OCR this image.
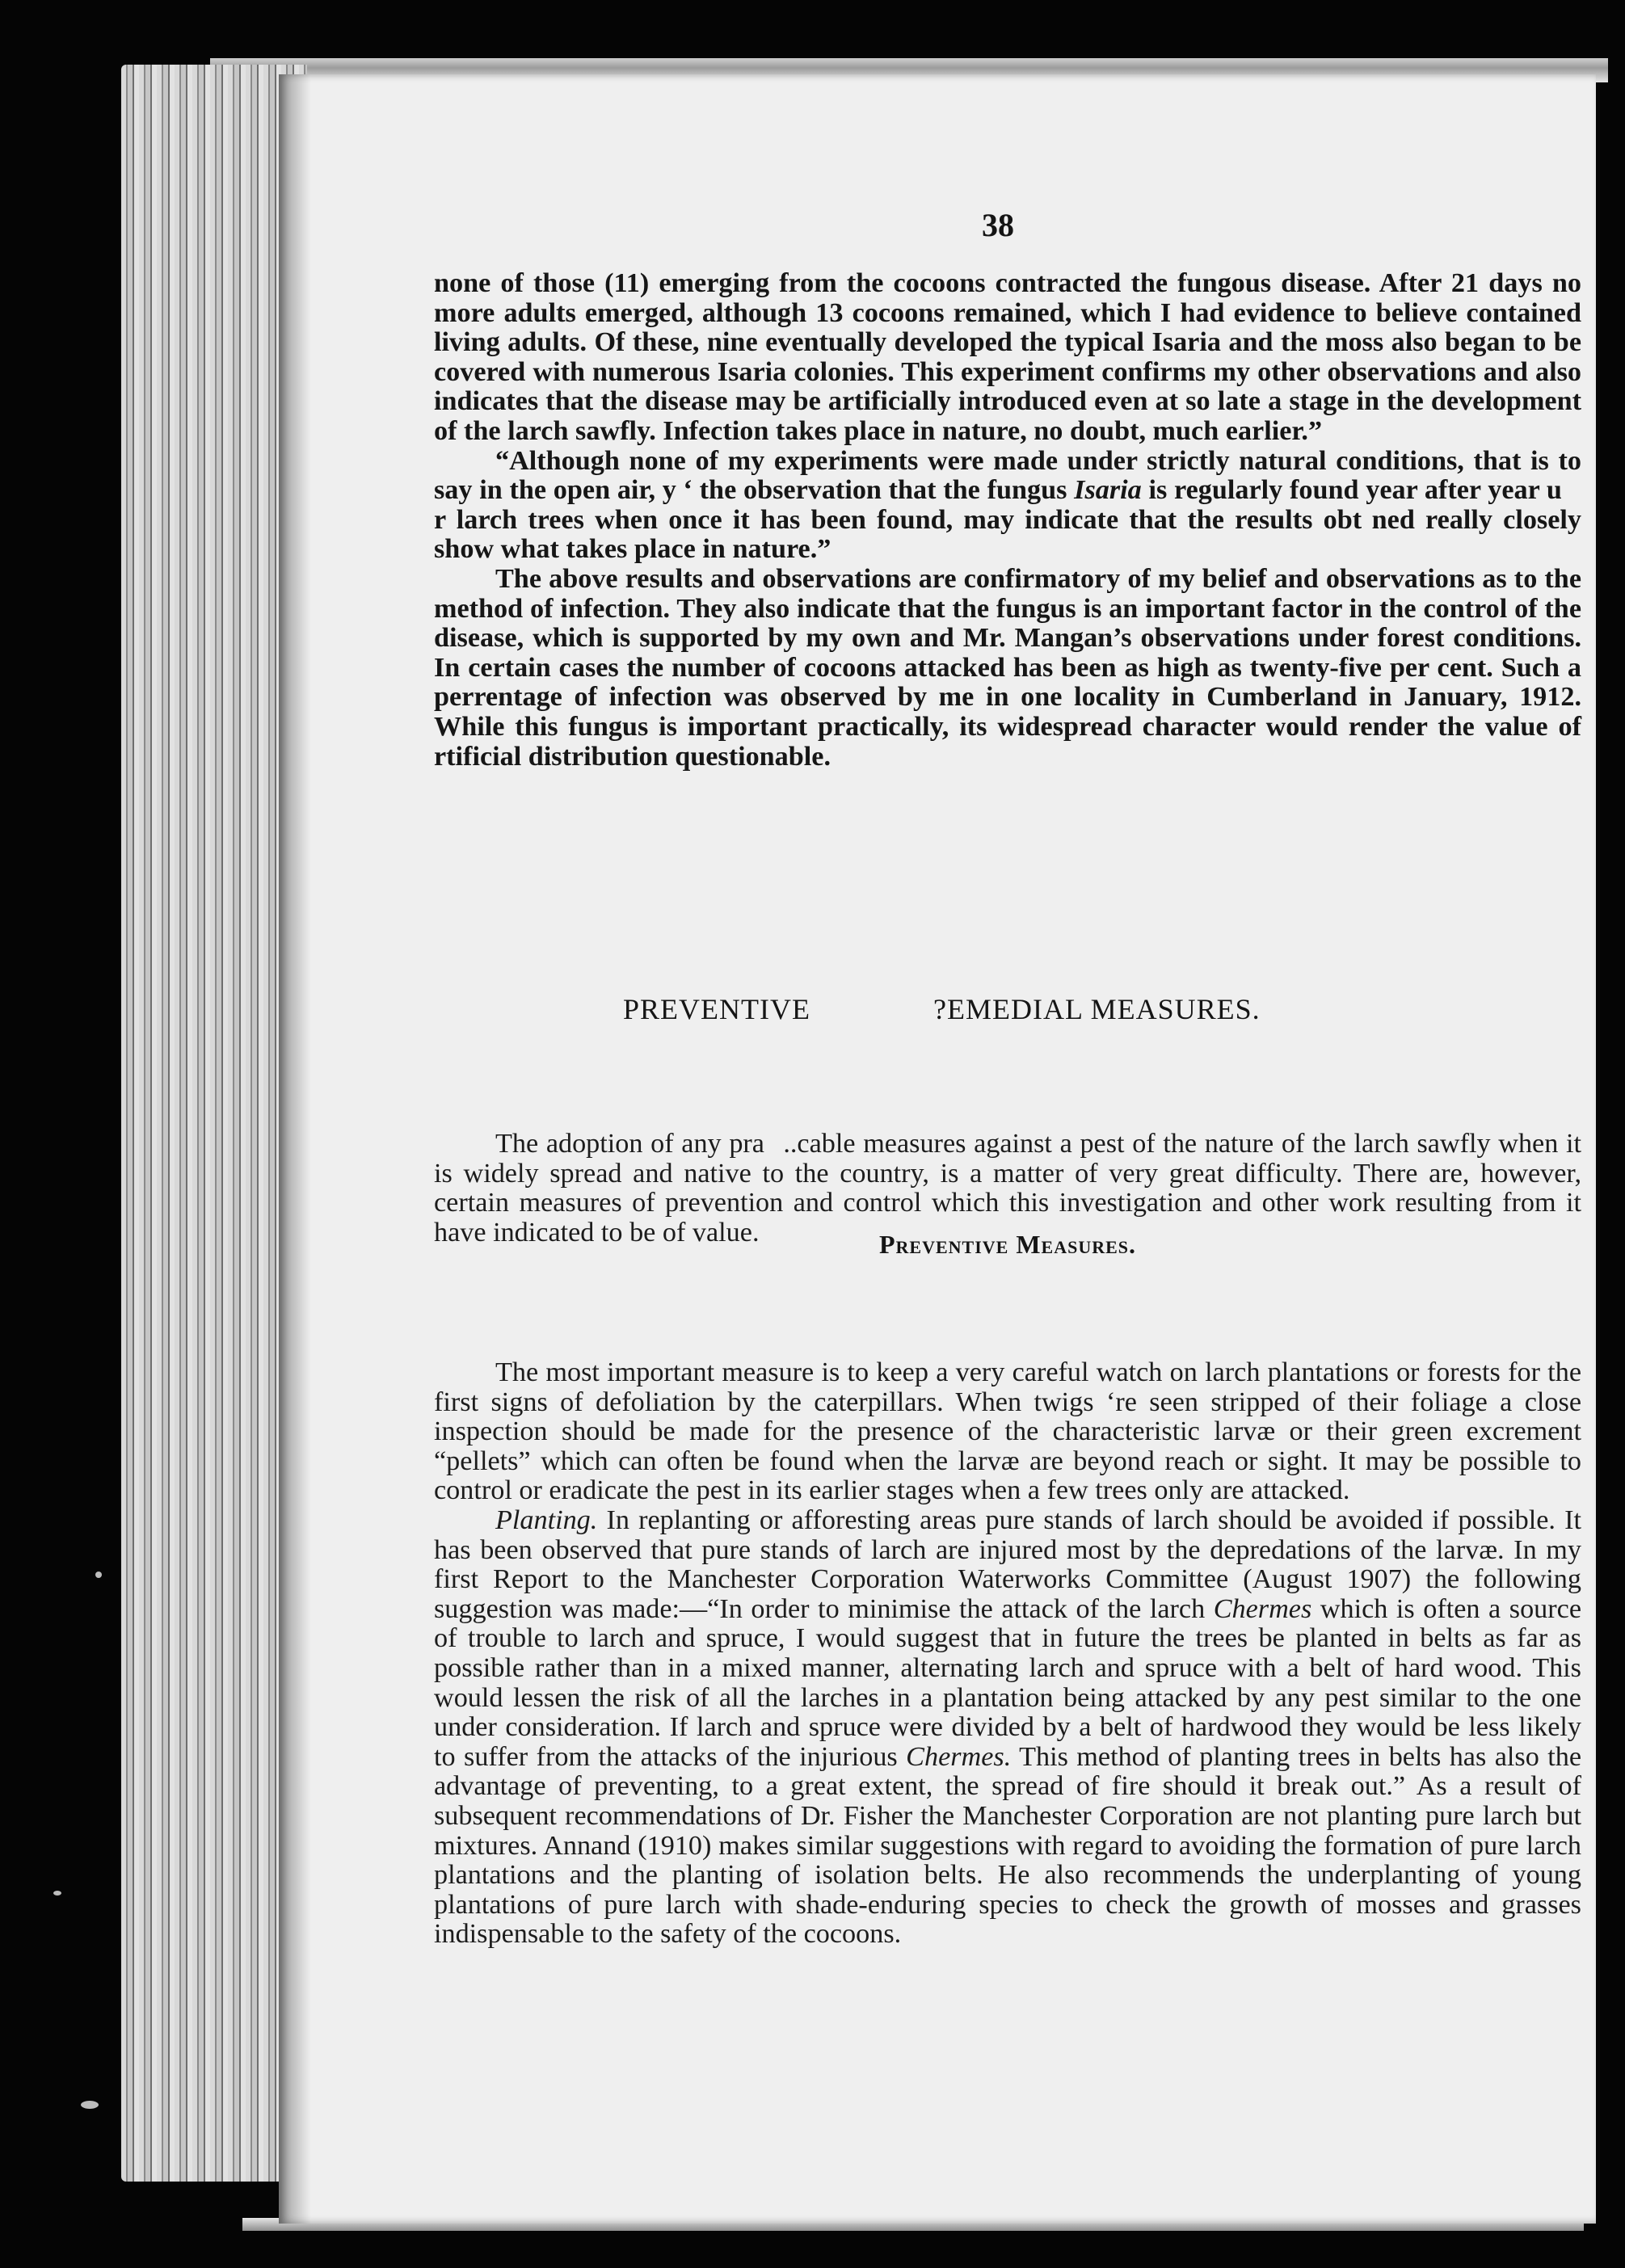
38

none of those (11) emerging from the cocoons contracted the fungous disease. After 21 days no more adults emerged, although 13 cocoons remained, which I had evidence to believe contained living adults. Of these, nine eventually developed the typical Isaria and the moss also began to be covered with numerous Isaria colonies. This experiment confirms my other observations and also indicates that the disease may be artificially introduced even at so late a stage in the development of the larch sawfly. Infection takes place in nature, no doubt, much earlier.”

“Although none of my experiments were made under strictly natural conditions, that is to say in the open air, y ‘ the observation that the fungus Isaria is regularly found year after year u   r larch trees when once it has been found, may indicate that the results obt  ned really closely show what takes place in nature.”

The above results and observations are confirmatory of my belief and observations as to the method of infection. They also indicate that the fungus is an important factor in the control of the disease, which is supported by my own and Mr. Mangan’s observations under forest conditions. In certain cases the number of cocoons attacked has been as high as twenty-five per cent. Such a perrentage of infection was observed by me in one locality in Cumberland in January, 1912. While this fungus is important practically, its widespread character would render the value of rtificial distribution questionable.

PREVENTIVE	?EMEDIAL MEASURES.

The adoption of any pra   ..cable measures against a pest of the nature of the larch sawfly when it is widely spread and native to the country, is a matter of very great difficulty. There are, however, certain measures of prevention and control which this investigation and other work resulting from it have indicated to be of value.	Preventive Measures.

The most important measure is to keep a very careful watch on larch plantations or forests for the first signs of defoliation by the caterpillars. When twigs ‘re seen stripped of their foliage a close inspection should be made for the presence of the characteristic larvæ or their green excrement “pellets” which can often be found when the larvæ are beyond reach or sight. It may be possible to control or eradicate the pest in its earlier stages when a few trees only are attacked.

Planting. In replanting or afforesting areas pure stands of larch should be avoided if possible. It has been observed that pure stands of larch are injured most by the depredations of the larvæ. In my first Report to the Manchester Corporation Waterworks Committee (August 1907) the following suggestion was made:—“In order to minimise the attack of the larch Chermes which is often a source of trouble to larch and spruce, I would suggest that in future the trees be planted in belts as far as possible rather than in a mixed manner, alternating larch and spruce with a belt of hard wood. This would lessen the risk of all the larches in a plantation being attacked by any pest similar to the one under consideration. If larch and spruce were divided by a belt of hardwood they would be less likely to suffer from the attacks of the injurious Chermes. This method of planting trees in belts has also the advantage of preventing, to a great extent, the spread of fire should it break out.” As a result of subsequent recommendations of Dr. Fisher the Manchester Corporation are not planting pure larch but mixtures. Annand (1910) makes similar suggestions with regard to avoiding the formation of pure larch plantations and the planting of isolation belts. He also recommends the underplanting of young plantations of pure larch with shade-enduring species to check the growth of mosses and grasses indispensable to the safety of the cocoons.
